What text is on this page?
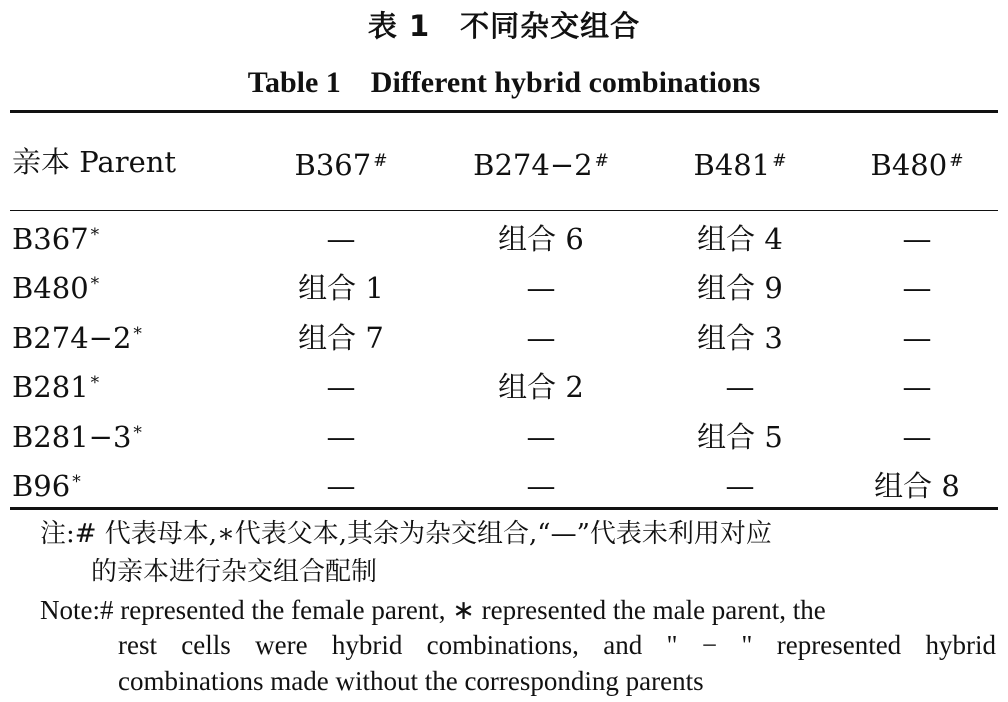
表 1　不同杂交组合
Table 1　Different hybrid combinations
亲本 Parent	B367 #	B274−2 #	B481 #	B480 #
B367 *	—	组合 6	组合 4	—
B480 *	组合 1	—	组合 9	—
B274−2 *	组合 7	—	组合 3	—
B281 *	—	组合 2	—	—
B281−3 *	—	—	组合 5	—
B96 *	—	—	—	组合 8
注:# 代表母本,∗代表父本,其余为杂交组合,“—”代表未利用对应
的亲本进行杂交组合配制
Note:# represented the female parent, ∗ represented the male parent, the
rest cells were hybrid combinations, and " − " represented hybrid
combinations made without the corresponding parents
